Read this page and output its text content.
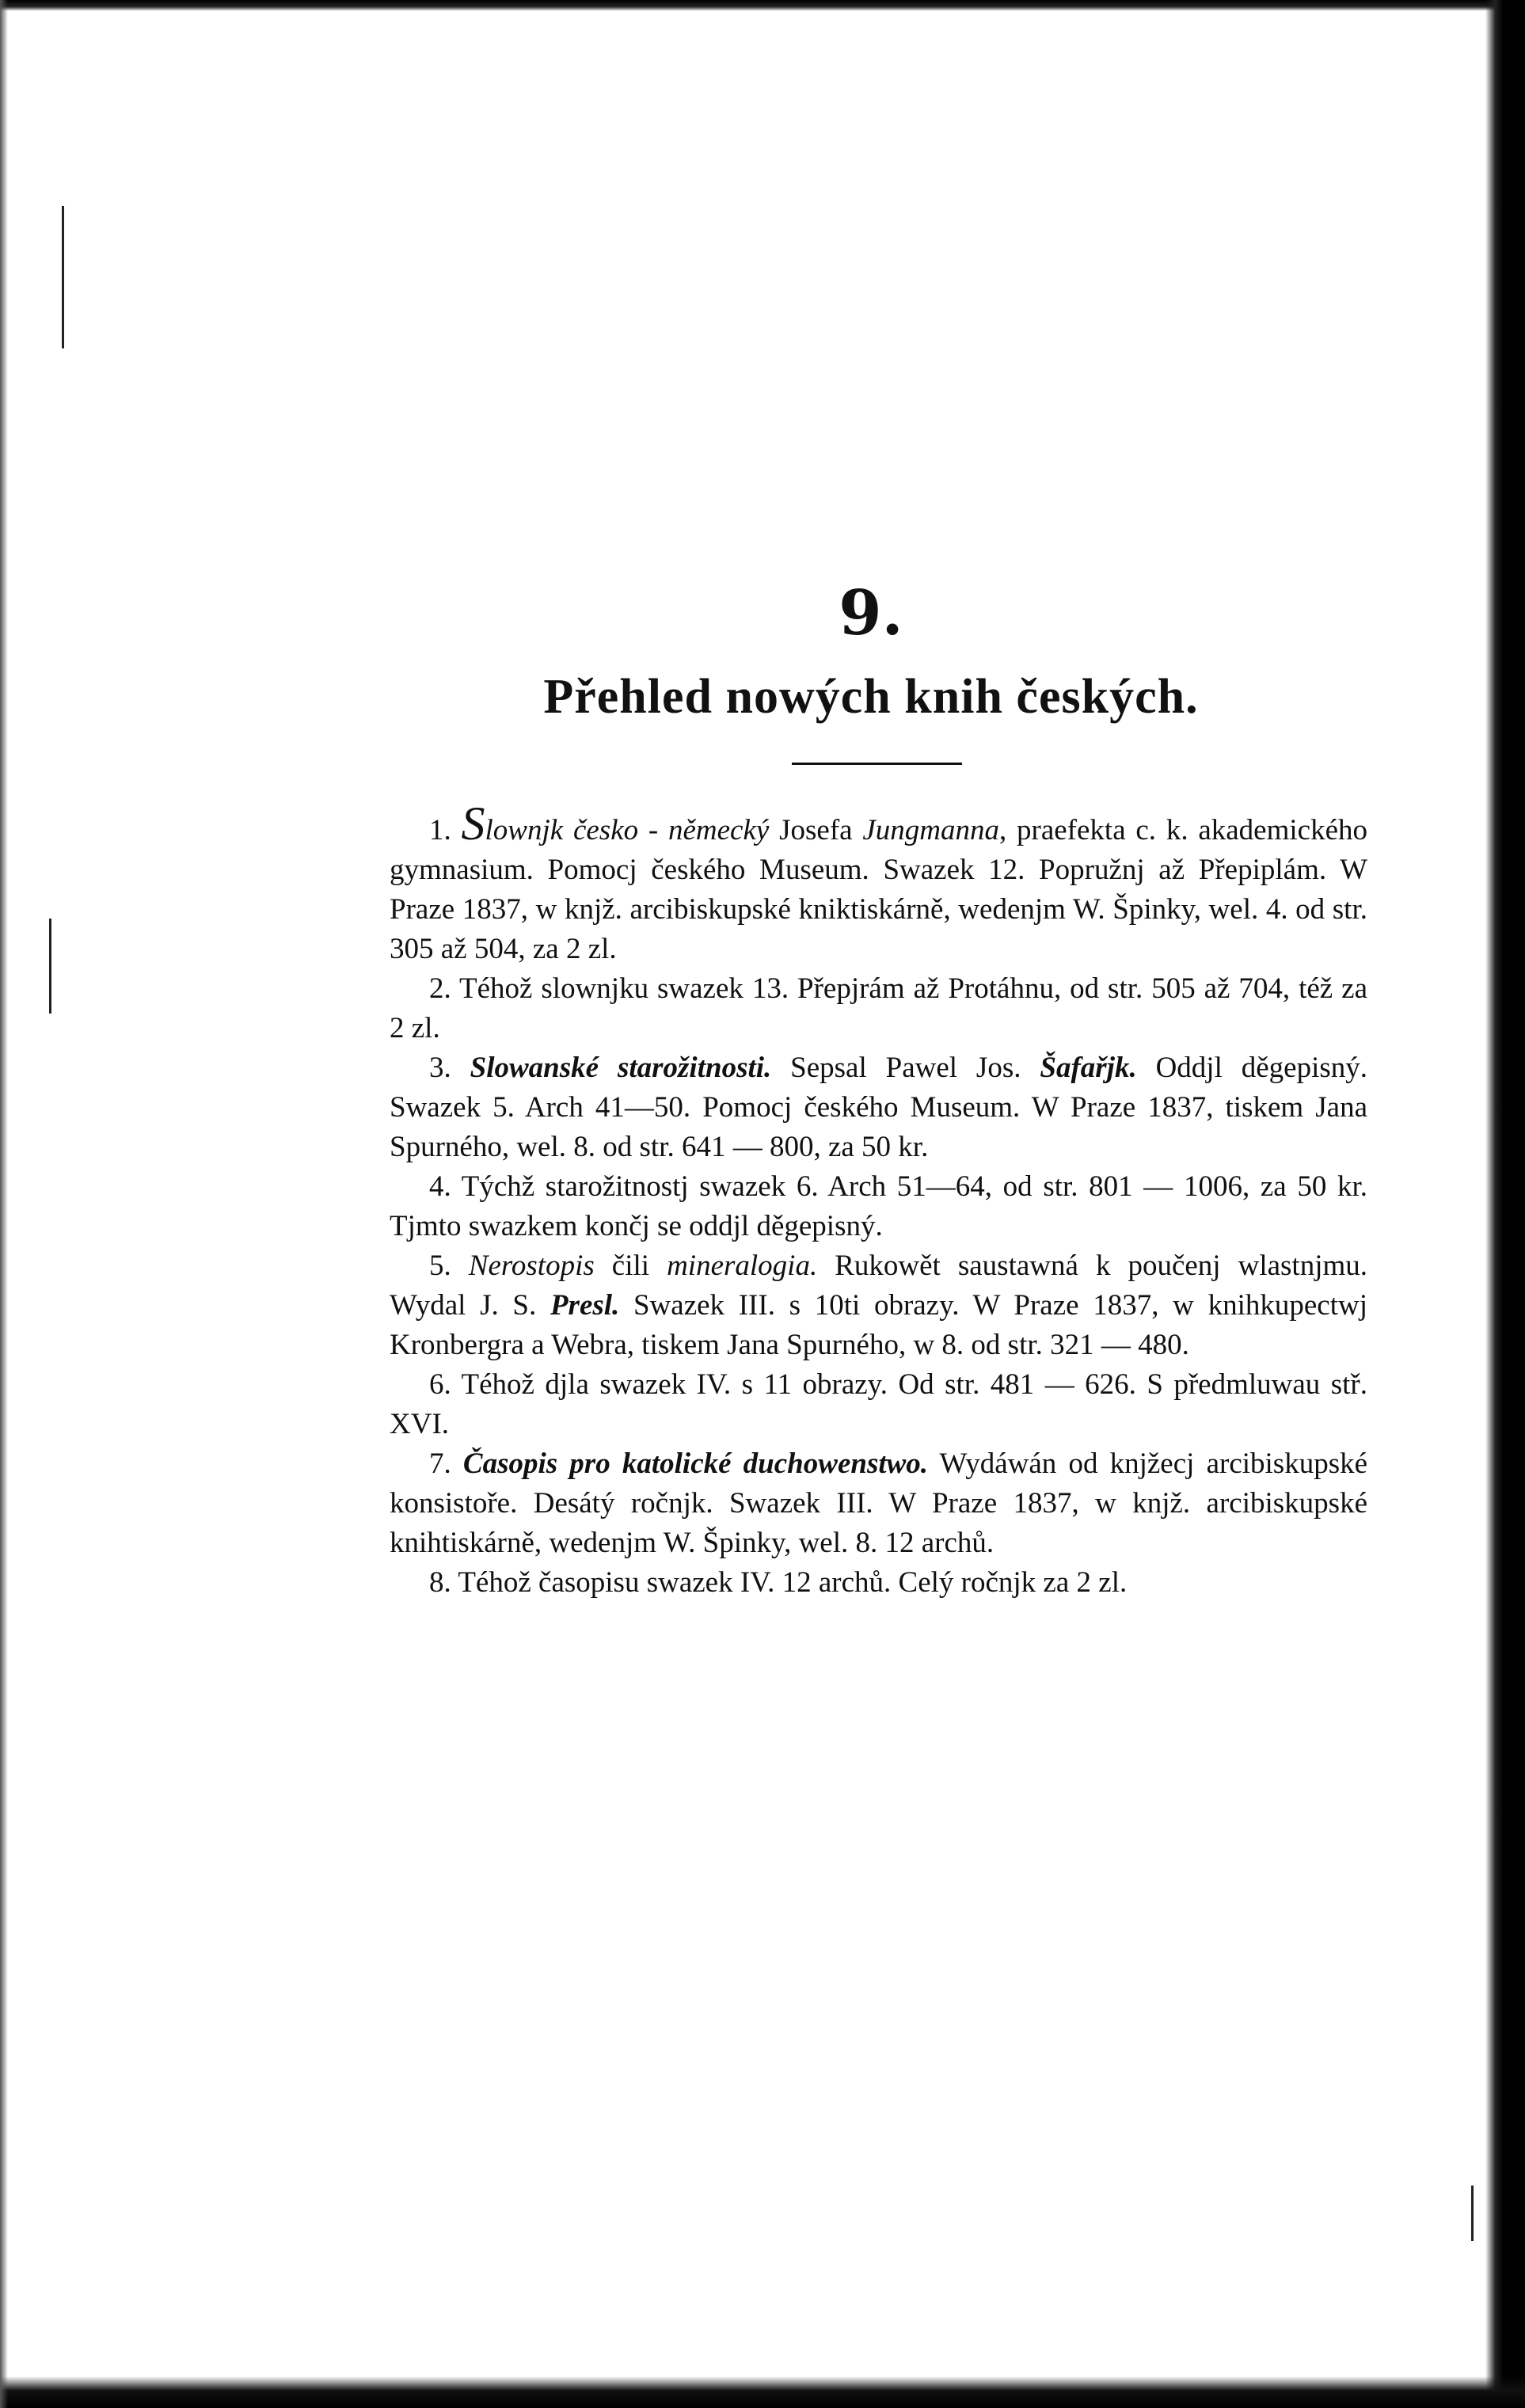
9.
Přehled nowých knih českých.

1. Slownjk česko - německý Josefa Jungmanna, praefekta c. k. akademického gymnasium. Pomocj českého Museum. Swazek 12. Popružnj až Přepiplám. W Praze 1837, w knjž. arcibiskupské kniktiskárně, wedenjm W. Špinky, wel. 4. od str. 305 až 504, za 2 zl.

2. Téhož slownjku swazek 13. Přepjrám až Protáhnu, od str. 505 až 704, též za 2 zl.

3. Slowanské starožitnosti. Sepsal Pawel Jos. Šafařjk. Oddjl děgepisný. Swazek 5. Arch 41—50. Pomocj českého Museum. W Praze 1837, tiskem Jana Spurného, wel. 8. od str. 641 — 800, za 50 kr.

4. Týchž starožitnostj swazek 6. Arch 51—64, od str. 801 — 1006, za 50 kr. Tjmto swazkem končj se oddjl děgepisný.

5. Nerostopis čili mineralogia. Rukowět saustawná k poučenj wlastnjmu. Wydal J. S. Presl. Swazek III. s 10ti obrazy. W Praze 1837, w knihkupectwj Kronbergra a Webra, tiskem Jana Spurného, w 8. od str. 321 — 480.

6. Téhož djla swazek IV. s 11 obrazy. Od str. 481 — 626. S předmluwau stř. XVI.

7. Časopis pro katolické duchowenstwo. Wydáwán od knjžecj arcibiskupské konsistoře. Desátý ročnjk. Swazek III. W Praze 1837, w knjž. arcibiskupské knihtiskárně, wedenjm W. Špinky, wel. 8. 12 archů.

8. Téhož časopisu swazek IV. 12 archů. Celý ročnjk za 2 zl.
